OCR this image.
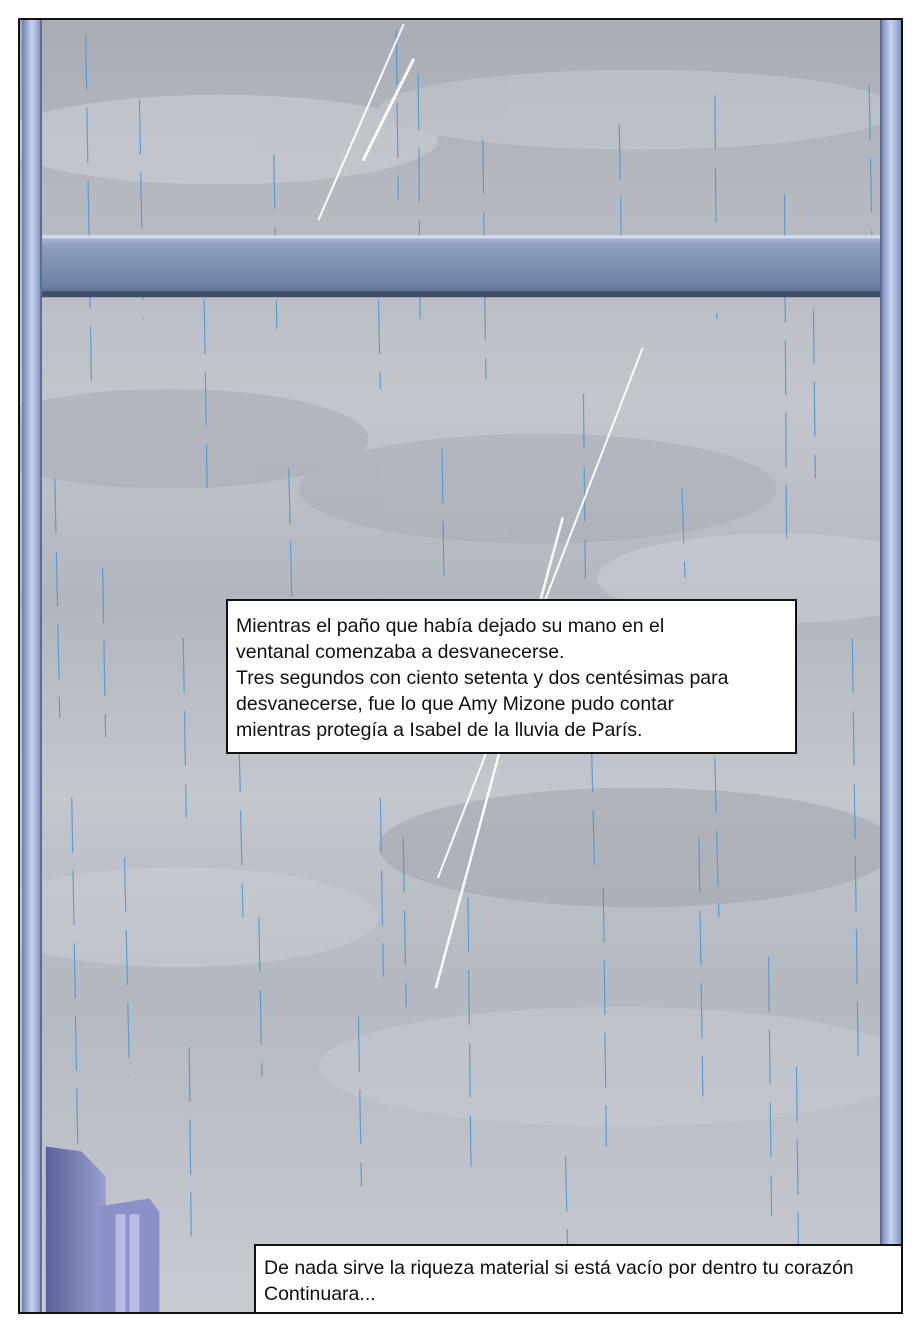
Mientras el paño que había dejado su mano en el
ventanal comenzaba a desvanecerse.
Tres segundos con ciento setenta y dos centésimas para
desvanecerse, fue lo que Amy Mizone pudo contar
mientras protegía a Isabel de la lluvia de París.
De nada sirve la riqueza material si está vacío por dentro tu corazón
Continuara...
